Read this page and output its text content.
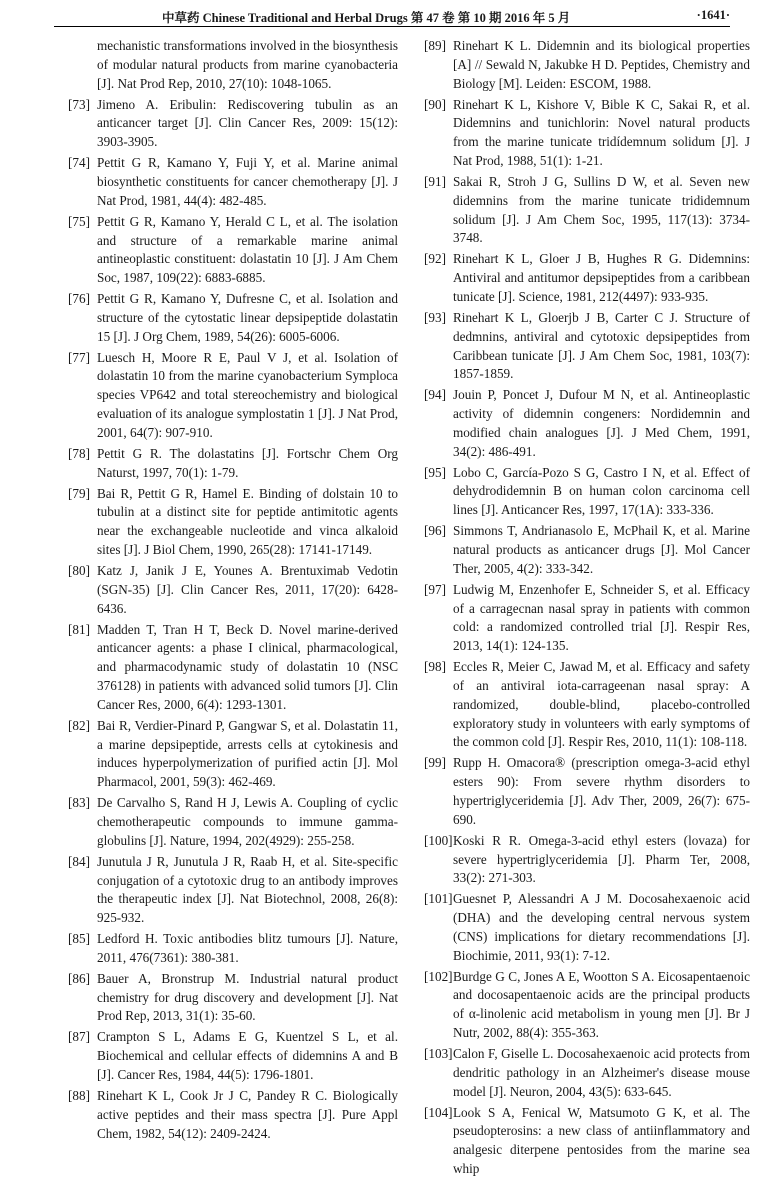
中草药 Chinese Traditional and Herbal Drugs 第 47 卷 第 10 期 2016 年 5 月	·1641·
mechanistic transformations involved in the biosynthesis of modular natural products from marine cyanobacteria [J]. Nat Prod Rep, 2010, 27(10): 1048-1065.
[73] Jimeno A. Eribulin: Rediscovering tubulin as an anticancer target [J]. Clin Cancer Res, 2009: 15(12): 3903-3905.
[74] Pettit G R, Kamano Y, Fuji Y, et al. Marine animal biosynthetic constituents for cancer chemotherapy [J]. J Nat Prod, 1981, 44(4): 482-485.
[75] Pettit G R, Kamano Y, Herald C L, et al. The isolation and structure of a remarkable marine animal antineoplastic constituent: dolastatin 10 [J]. J Am Chem Soc, 1987, 109(22): 6883-6885.
[76] Pettit G R, Kamano Y, Dufresne C, et al. Isolation and structure of the cytostatic linear depsipeptide dolastatin 15 [J]. J Org Chem, 1989, 54(26): 6005-6006.
[77] Luesch H, Moore R E, Paul V J, et al. Isolation of dolastatin 10 from the marine cyanobacterium Symploca species VP642 and total stereochemistry and biological evaluation of its analogue symplostatin 1 [J]. J Nat Prod, 2001, 64(7): 907-910.
[78] Pettit G R. The dolastatins [J]. Fortschr Chem Org Naturst, 1997, 70(1): 1-79.
[79] Bai R, Pettit G R, Hamel E. Binding of dolstain 10 to tubulin at a distinct site for peptide antimitotic agents near the exchangeable nucleotide and vinca alkaloid sites [J]. J Biol Chem, 1990, 265(28): 17141-17149.
[80] Katz J, Janik J E, Younes A. Brentuximab Vedotin (SGN-35) [J]. Clin Cancer Res, 2011, 17(20): 6428-6436.
[81] Madden T, Tran H T, Beck D. Novel marine-derived anticancer agents: a phase I clinical, pharmacological, and pharmacodynamic study of dolastatin 10 (NSC 376128) in patients with advanced solid tumors [J]. Clin Cancer Res, 2000, 6(4): 1293-1301.
[82] Bai R, Verdier-Pinard P, Gangwar S, et al. Dolastatin 11, a marine depsipeptide, arrests cells at cytokinesis and induces hyperpolymerization of purified actin [J]. Mol Pharmacol, 2001, 59(3): 462-469.
[83] De Carvalho S, Rand H J, Lewis A. Coupling of cyclic chemotherapeutic compounds to immune gamma-globulins [J]. Nature, 1994, 202(4929): 255-258.
[84] Junutula J R, Junutula J R, Raab H, et al. Site-specific conjugation of a cytotoxic drug to an antibody improves the therapeutic index [J]. Nat Biotechnol, 2008, 26(8): 925-932.
[85] Ledford H. Toxic antibodies blitz tumours [J]. Nature, 2011, 476(7361): 380-381.
[86] Bauer A, Bronstrup M. Industrial natural product chemistry for drug discovery and development [J]. Nat Prod Rep, 2013, 31(1): 35-60.
[87] Crampton S L, Adams E G, Kuentzel S L, et al. Biochemical and cellular effects of didemnins A and B [J]. Cancer Res, 1984, 44(5): 1796-1801.
[88] Rinehart K L, Cook Jr J C, Pandey R C. Biologically active peptides and their mass spectra [J]. Pure Appl Chem, 1982, 54(12): 2409-2424.
[89] Rinehart K L. Didemnin and its biological properties [A] // Sewald N, Jakubke H D. Peptides, Chemistry and Biology [M]. Leiden: ESCOM, 1988.
[90] Rinehart K L, Kishore V, Bible K C, Sakai R, et al. Didemnins and tunichlorin: Novel natural products from the marine tunicate tridídemnum solidum [J]. J Nat Prod, 1988, 51(1): 1-21.
[91] Sakai R, Stroh J G, Sullins D W, et al. Seven new didemnins from the marine tunicate trididemnum solidum [J]. J Am Chem Soc, 1995, 117(13): 3734-3748.
[92] Rinehart K L, Gloer J B, Hughes R G. Didemnins: Antiviral and antitumor depsipeptides from a caribbean tunicate [J]. Science, 1981, 212(4497): 933-935.
[93] Rinehart K L, Gloerjb J B, Carter C J. Structure of dedmnins, antiviral and cytotoxic depsipeptides from Caribbean tunicate [J]. J Am Chem Soc, 1981, 103(7): 1857-1859.
[94] Jouin P, Poncet J, Dufour M N, et al. Antineoplastic activity of didemnin congeners: Nordidemnin and modified chain analogues [J]. J Med Chem, 1991, 34(2): 486-491.
[95] Lobo C, García-Pozo S G, Castro I N, et al. Effect of dehydrodidemnin B on human colon carcinoma cell lines [J]. Anticancer Res, 1997, 17(1A): 333-336.
[96] Simmons T, Andrianasolo E, McPhail K, et al. Marine natural products as anticancer drugs [J]. Mol Cancer Ther, 2005, 4(2): 333-342.
[97] Ludwig M, Enzenhofer E, Schneider S, et al. Efficacy of a carragecnan nasal spray in patients with common cold: a randomized controlled trial [J]. Respir Res, 2013, 14(1): 124-135.
[98] Eccles R, Meier C, Jawad M, et al. Efficacy and safety of an antiviral iota-carrageenan nasal spray: A randomized, double-blind, placebo-controlled exploratory study in volunteers with early symptoms of the common cold [J]. Respir Res, 2010, 11(1): 108-118.
[99] Rupp H. Omacora® (prescription omega-3-acid ethyl esters 90): From severe rhythm disorders to hypertriglyceridemia [J]. Adv Ther, 2009, 26(7): 675-690.
[100] Koski R R. Omega-3-acid ethyl esters (lovaza) for severe hypertriglyceridemia [J]. Pharm Ter, 2008, 33(2): 271-303.
[101] Guesnet P, Alessandri A J M. Docosahexaenoic acid (DHA) and the developing central nervous system (CNS) implications for dietary recommendations [J]. Biochimie, 2011, 93(1): 7-12.
[102] Burdge G C, Jones A E, Wootton S A. Eicosapentaenoic and docosapentaenoic acids are the principal products of α-linolenic acid metabolism in young men [J]. Br J Nutr, 2002, 88(4): 355-363.
[103] Calon F, Giselle L. Docosahexaenoic acid protects from dendritic pathology in an Alzheimer's disease mouse model [J]. Neuron, 2004, 43(5): 633-645.
[104] Look S A, Fenical W, Matsumoto G K, et al. The pseudopterosins: a new class of antiinflammatory and analgesic diterpene pentosides from the marine sea whip
